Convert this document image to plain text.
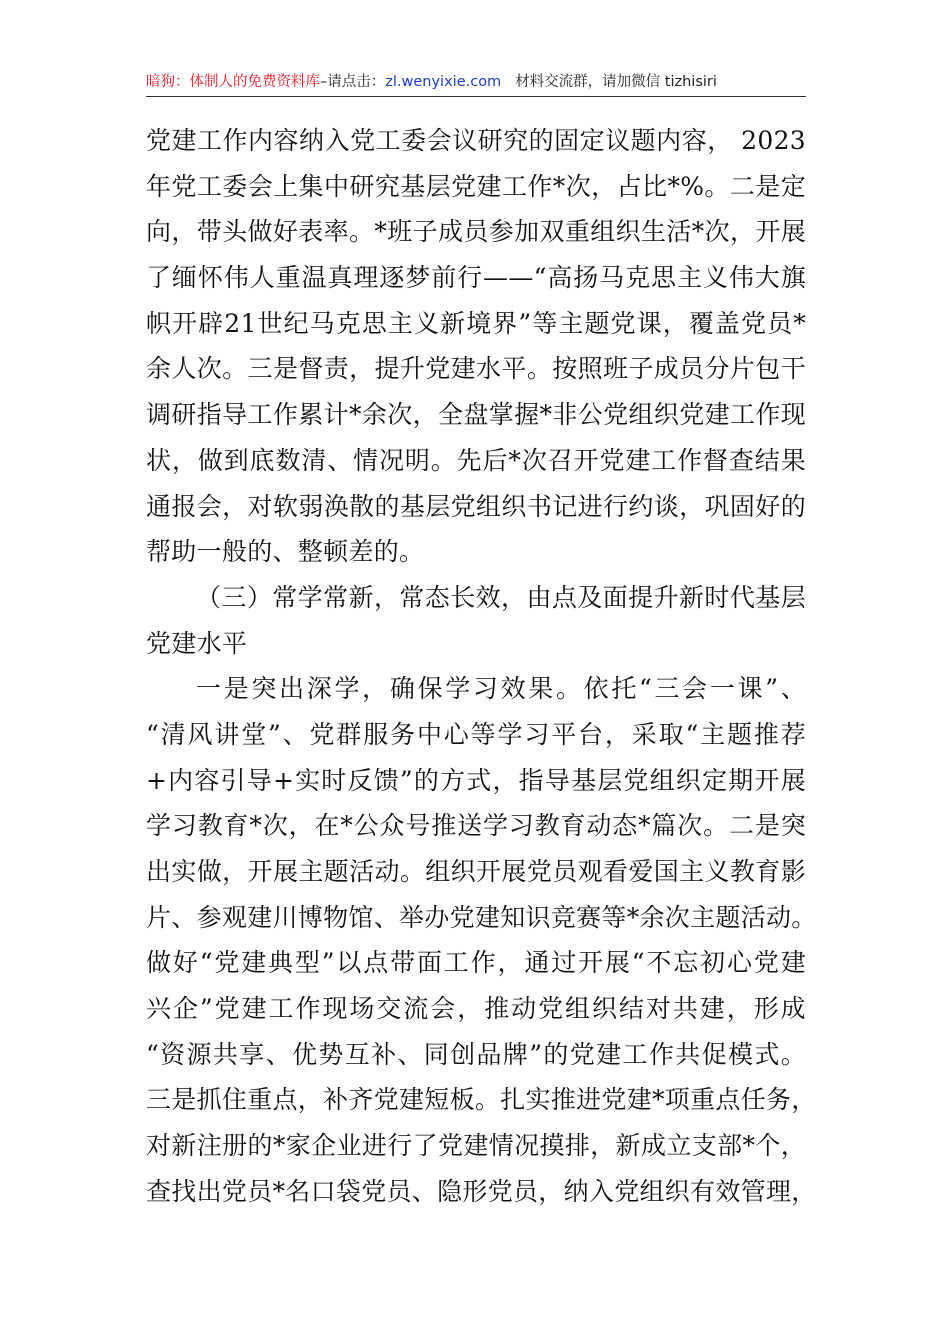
暗狗：体制人的免费资料库–请点击：zl.wenyixie.com 材料交流群，请加微信 tizhisiri
党建工作内容纳入党工委会议研究的固定议题内容， 2023
年党工委会上集中研究基层党建工作*次，占比*%。二是定
向，带头做好表率。*班子成员参加双重组织生活*次，开展
了缅怀伟人重温真理逐梦前行——“高扬马克思主义伟大旗
帜开辟21世纪马克思主义新境界”等主题党课，覆盖党员*
余人次。三是督责，提升党建水平。按照班子成员分片包干
调研指导工作累计*余次，全盘掌握*非公党组织党建工作现
状，做到底数清、情况明。先后*次召开党建工作督查结果
通报会，对软弱涣散的基层党组织书记进行约谈，巩固好的
帮助一般的、整顿差的。
（三）常学常新，常态长效，由点及面提升新时代基层
党建水平
一是突出深学，确保学习效果。依托“三会一课”、
“清风讲堂”、党群服务中心等学习平台，采取“主题推荐
+内容引导+实时反馈”的方式，指导基层党组织定期开展
学习教育*次，在*公众号推送学习教育动态*篇次。二是突
出实做，开展主题活动。组织开展党员观看爱国主义教育影
片、参观建川博物馆、举办党建知识竞赛等*余次主题活动。
做好“党建典型”以点带面工作，通过开展“不忘初心党建
兴企”党建工作现场交流会，推动党组织结对共建，形成
“资源共享、优势互补、同创品牌”的党建工作共促模式。
三是抓住重点，补齐党建短板。扎实推进党建*项重点任务，
对新注册的*家企业进行了党建情况摸排，新成立支部*个，
查找出党员*名口袋党员、隐形党员，纳入党组织有效管理，
